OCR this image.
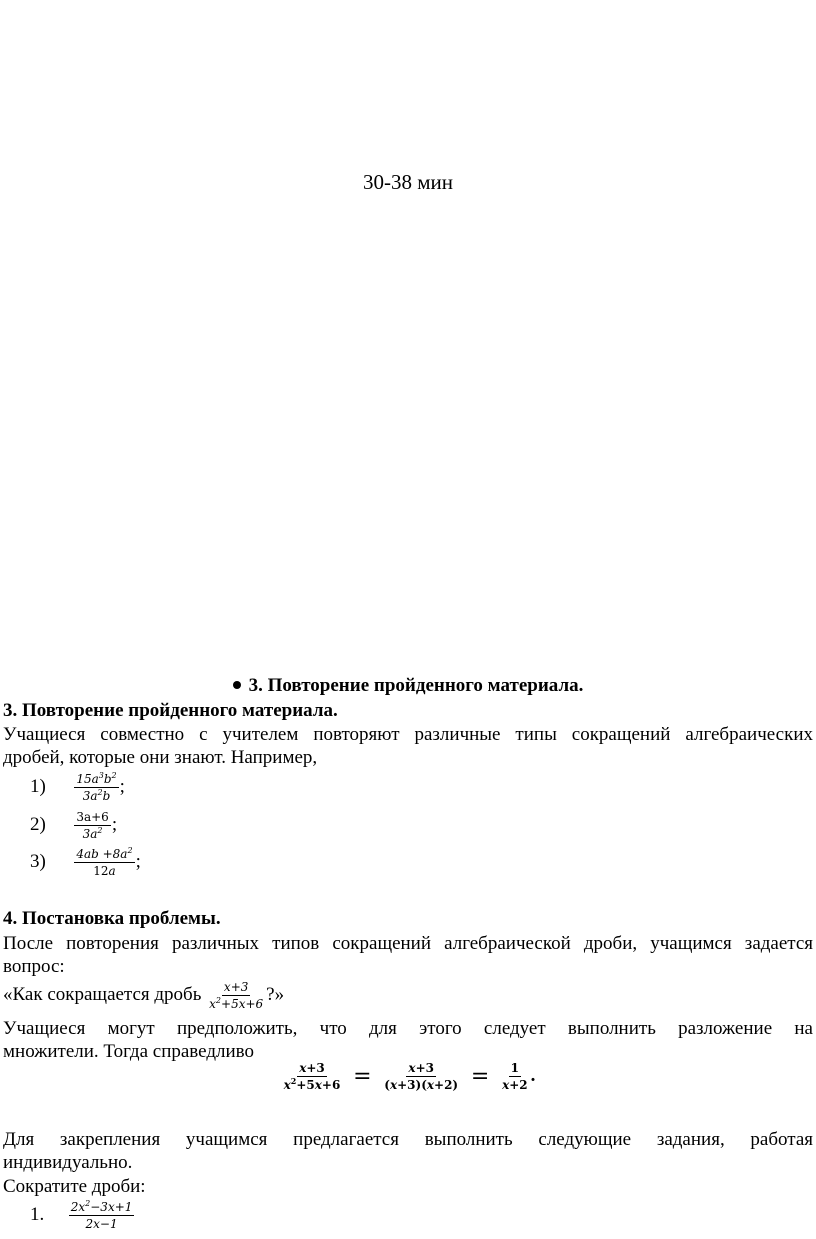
30-38 мин
3. Повторение пройденного материала.
3. Повторение пройденного материала.
Учащиеся совместно с учителем повторяют различные типы сокращений алгебраических
дробей, которые они знают. Например,
$1) \frac{15a^3b^2}{3a^2b}$ ;
$2) \frac{3a+6}{3a^2}$ ;
$3) \frac{4ab +8a^2}{12a}$ ;
4. Постановка проблемы.
После повторения различных типов сокращений алгебраической дроби, учащимся задается
вопрос:
«Как сокращается дробь $\frac{x+3}{x^2+5x+6}$ ?»
Учащиеся могут предположить, что для этого следует выполнить разложение на
множители. Тогда справедливо
$\frac{x+3}{x^2+5x+6} = \frac{x+3}{(x+3)(x+2)} = \frac{1}{x+2}$ .
Для закрепления учащимся предлагается выполнить следующие задания, работая
индивидуально.
Сократите дроби:
1. $\frac{2x^2-3x+1}{2x-1}$
